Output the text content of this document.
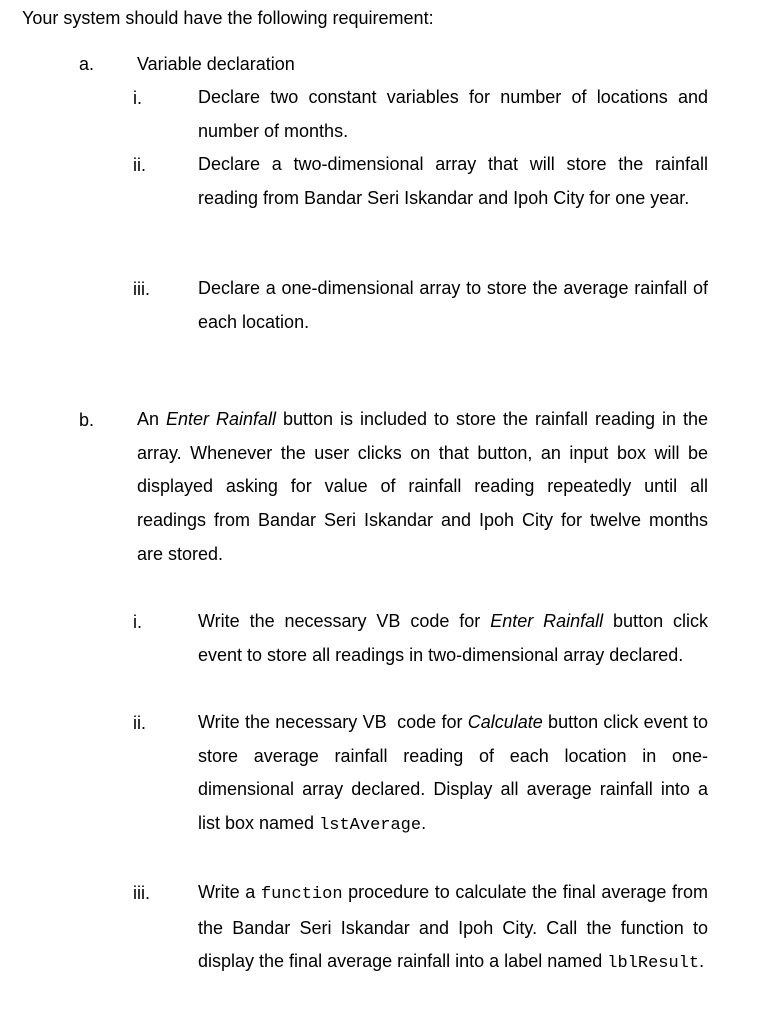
Your system should have the following requirement:
a. Variable declaration
i.	Declare two constant variables for number of locations and number of months.
ii.	Declare a two-dimensional array that will store the rainfall reading from Bandar Seri Iskandar and Ipoh City for one year.
iii.	Declare a one-dimensional array to store the average rainfall of each location.
b. An Enter Rainfall button is included to store the rainfall reading in the array. Whenever the user clicks on that button, an input box will be displayed asking for value of rainfall reading repeatedly until all readings from Bandar Seri Iskandar and Ipoh City for twelve months are stored.
i.	Write the necessary VB code for Enter Rainfall button click event to store all readings in two-dimensional array declared.
ii.	Write the necessary VB  code for Calculate button click event to store average rainfall reading of each location in one-dimensional array declared. Display all average rainfall into a list box named lstAverage.
iii.	Write a function procedure to calculate the final average from the Bandar Seri Iskandar and Ipoh City. Call the function to display the final average rainfall into a label named lblResult.
